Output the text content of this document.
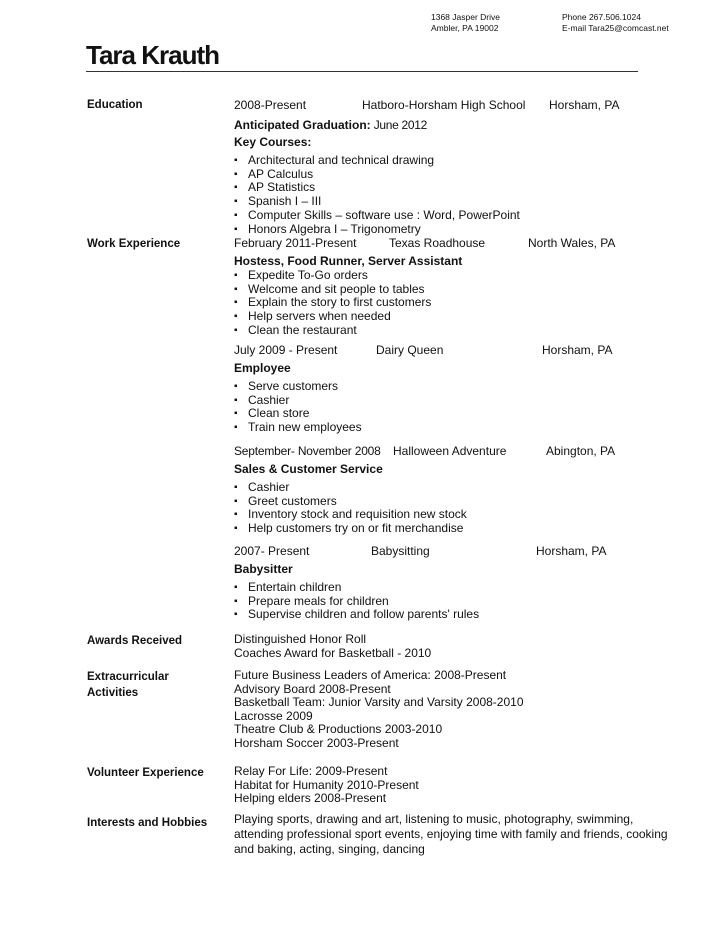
1368 Jasper Drive
Ambler, PA 19002
Phone 267.506.1024
E-mail Tara25@comcast.net
Tara Krauth
Education	2008-Present	Hatboro-Horsham High School Horsham, PA
Anticipated Graduation: June 2012
Key Courses:
▪ Architectural and technical drawing
▪ AP Calculus
▪ AP Statistics
▪ Spanish I – III
▪ Computer Skills – software use : Word, PowerPoint
▪ Honors Algebra I – Trigonometry
Work Experience	February 2011-Present	Texas Roadhouse	North Wales, PA
Hostess, Food Runner, Server Assistant
▪ Expedite To-Go orders
▪ Welcome and sit people to tables
▪ Explain the story to first customers
▪ Help servers when needed
▪ Clean the restaurant
July 2009 - Present	Dairy Queen	Horsham, PA
Employee
▪ Serve customers
▪ Cashier
▪ Clean store
▪ Train new employees
September- November 2008 Halloween Adventure	Abington, PA
Sales & Customer Service
▪ Cashier
▪ Greet customers
▪ Inventory stock and requisition new stock
▪ Help customers try on or fit merchandise
2007- Present	Babysitting	Horsham, PA
Babysitter
▪ Entertain children
▪ Prepare meals for children
▪ Supervise children and follow parents' rules
Awards Received	Distinguished Honor Roll
Coaches Award for Basketball - 2010
Extracurricular
Activities
Future Business Leaders of America: 2008-Present
Advisory Board 2008-Present
Basketball Team: Junior Varsity and Varsity 2008-2010
Lacrosse 2009
Theatre Club & Productions 2003-2010
Horsham Soccer 2003-Present
Volunteer Experience	Relay For Life: 2009-Present
Habitat for Humanity 2010-Present
Helping elders 2008-Present
Interests and Hobbies Playing sports, drawing and art, listening to music, photography, swimming,
attending professional sport events, enjoying time with family and friends, cooking
and baking, acting, singing, dancing
